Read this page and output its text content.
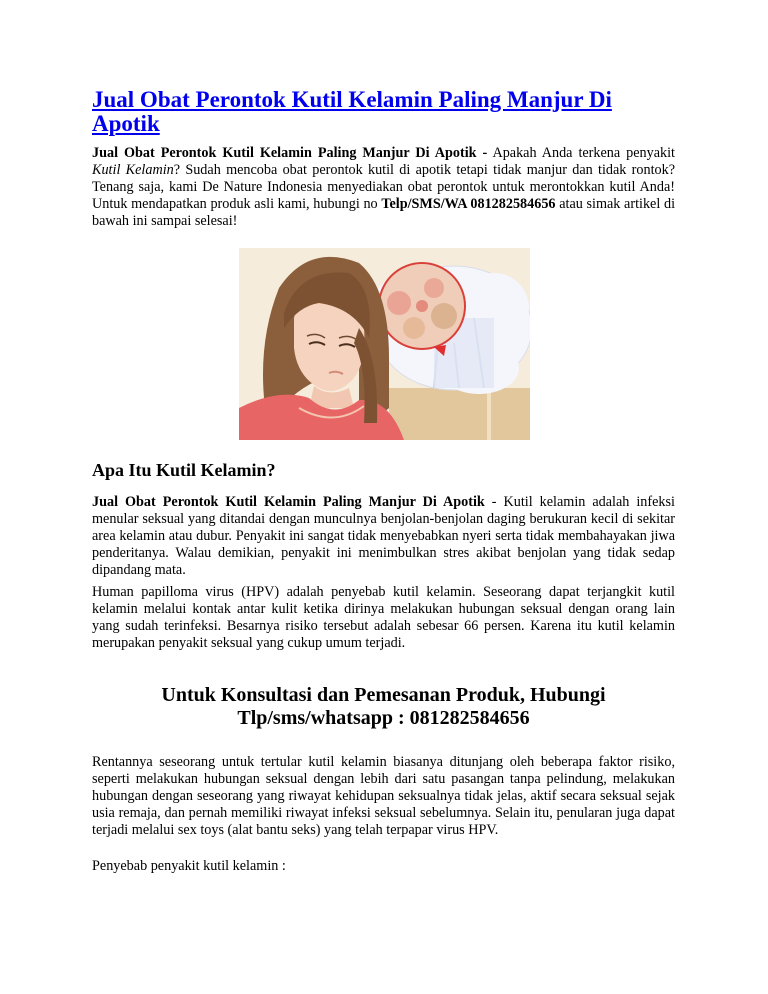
Jual Obat Perontok Kutil Kelamin Paling Manjur Di Apotik

Jual Obat Perontok Kutil Kelamin Paling Manjur Di Apotik - Apakah Anda terkena penyakit Kutil Kelamin? Sudah mencoba obat perontok kutil di apotik tetapi tidak manjur dan tidak rontok? Tenang saja, kami De Nature Indonesia menyediakan obat perontok untuk merontokkan kutil Anda! Untuk mendapatkan produk asli kami, hubungi no Telp/SMS/WA 081282584656 atau simak artikel di bawah ini sampai selesai!

Apa Itu Kutil Kelamin?

Jual Obat Perontok Kutil Kelamin Paling Manjur Di Apotik - Kutil kelamin adalah infeksi menular seksual yang ditandai dengan munculnya benjolan-benjolan daging berukuran kecil di sekitar area kelamin atau dubur. Penyakit ini sangat tidak menyebabkan nyeri serta tidak membahayakan jiwa penderitanya. Walau demikian, penyakit ini menimbulkan stres akibat benjolan yang tidak sedap dipandang mata.

Human papilloma virus (HPV) adalah penyebab kutil kelamin. Seseorang dapat terjangkit kutil kelamin melalui kontak antar kulit ketika dirinya melakukan hubungan seksual dengan orang lain yang sudah terinfeksi. Besarnya risiko tersebut adalah sebesar 66 persen. Karena itu kutil kelamin merupakan penyakit seksual yang cukup umum terjadi.

Untuk Konsultasi dan Pemesanan Produk, Hubungi
Tlp/sms/whatsapp : 081282584656

Rentannya seseorang untuk tertular kutil kelamin biasanya ditunjang oleh beberapa faktor risiko, seperti melakukan hubungan seksual dengan lebih dari satu pasangan tanpa pelindung, melakukan hubungan dengan seseorang yang riwayat kehidupan seksualnya tidak jelas, aktif secara seksual sejak usia remaja, dan pernah memiliki riwayat infeksi seksual sebelumnya. Selain itu, penularan juga dapat terjadi melalui sex toys (alat bantu seks) yang telah terpapar virus HPV.

Penyebab penyakit kutil kelamin :
